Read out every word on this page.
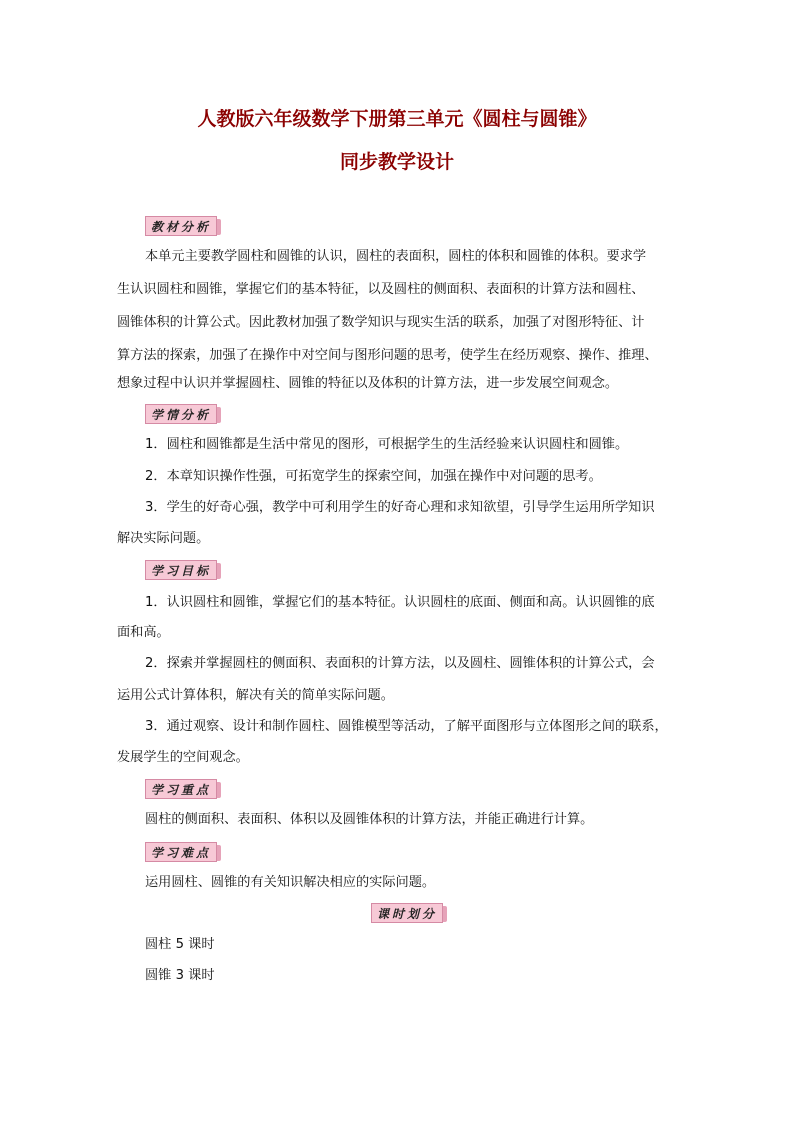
人教版六年级数学下册第三单元《圆柱与圆锥》
同步教学设计
教材分析
本单元主要教学圆柱和圆锥的认识，圆柱的表面积，圆柱的体积和圆锥的体积。要求学
生认识圆柱和圆锥，掌握它们的基本特征，以及圆柱的侧面积、表面积的计算方法和圆柱、
圆锥体积的计算公式。因此教材加强了数学知识与现实生活的联系，加强了对图形特征、计
算方法的探索，加强了在操作中对空间与图形问题的思考，使学生在经历观察、操作、推理、
想象过程中认识并掌握圆柱、圆锥的特征以及体积的计算方法，进一步发展空间观念。
学情分析
1．圆柱和圆锥都是生活中常见的图形，可根据学生的生活经验来认识圆柱和圆锥。
2．本章知识操作性强，可拓宽学生的探索空间，加强在操作中对问题的思考。
3．学生的好奇心强，教学中可利用学生的好奇心理和求知欲望，引导学生运用所学知识
解决实际问题。
学习目标
1．认识圆柱和圆锥，掌握它们的基本特征。认识圆柱的底面、侧面和高。认识圆锥的底
面和高。
2．探索并掌握圆柱的侧面积、表面积的计算方法，以及圆柱、圆锥体积的计算公式，会
运用公式计算体积，解决有关的简单实际问题。
3．通过观察、设计和制作圆柱、圆锥模型等活动，了解平面图形与立体图形之间的联系，
发展学生的空间观念。
学习重点
圆柱的侧面积、表面积、体积以及圆锥体积的计算方法，并能正确进行计算。
学习难点
运用圆柱、圆锥的有关知识解决相应的实际问题。
课时划分
圆柱 5 课时
圆锥 3 课时
